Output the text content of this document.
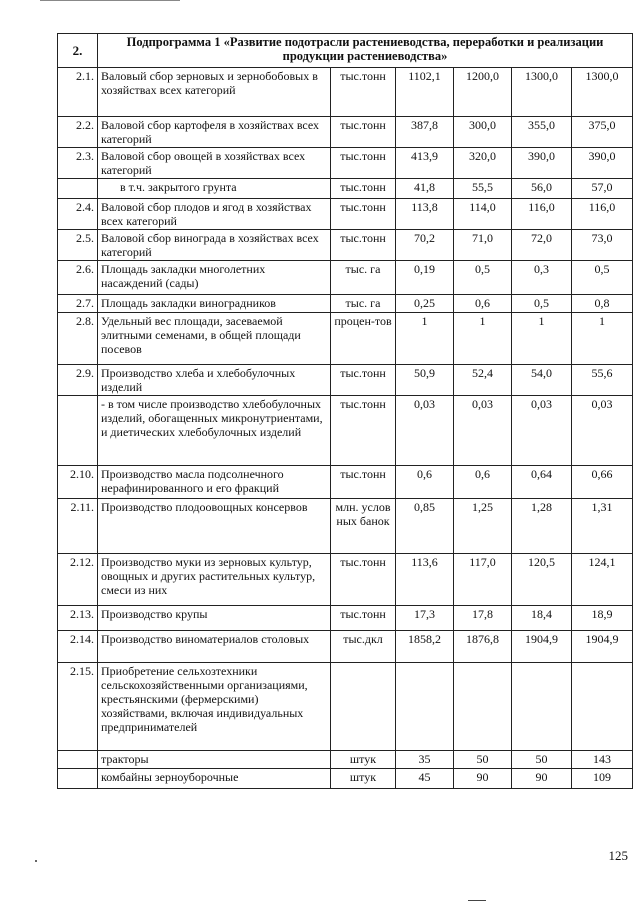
2.	Подпрограмма 1 «Развитие подотрасли растениеводства, переработки и реализации продукции растениеводства»					
2.1.	Валовый сбор зерновых и зернобобовых в хозяйствах всех категорий	тыс.тонн	1102,1	1200,0	1300,0	1300,0
2.2.	Валовой сбор картофеля в хозяйствах всех категорий	тыс.тонн	387,8	300,0	355,0	375,0
2.3.	Валовой сбор овощей в хозяйствах всех категорий	тыс.тонн	413,9	320,0	390,0	390,0
	в т.ч. закрытого грунта	тыс.тонн	41,8	55,5	56,0	57,0
2.4.	Валовой сбор плодов и ягод в хозяйствах всех категорий	тыс.тонн	113,8	114,0	116,0	116,0
2.5.	Валовой сбор винограда в хозяйствах всех категорий	тыс.тонн	70,2	71,0	72,0	73,0
2.6.	Площадь закладки многолетних насаждений (сады)	тыс. га	0,19	0,5	0,3	0,5
2.7.	Площадь закладки виноградников	тыс. га	0,25	0,6	0,5	0,8
2.8.	Удельный вес площади, засеваемой элитными семенами, в общей площади посевов	процен-тов	1	1	1	1
2.9.	Производство хлеба и хлебобулочных изделий	тыс.тонн	50,9	52,4	54,0	55,6
	- в том числе производство хлебобулочных изделий, обогащенных микронутриентами, и диетических хлебобулочных изделий	тыс.тонн	0,03	0,03	0,03	0,03
2.10.	Производство масла подсолнечного нерафинированного и его фракций	тыс.тонн	0,6	0,6	0,64	0,66
2.11.	Производство плодоовощных консервов	млн. услов ных банок	0,85	1,25	1,28	1,31
2.12.	Производство муки из зерновых культур, овощных и других растительных культур, смеси из них	тыс.тонн	113,6	117,0	120,5	124,1
2.13.	Производство крупы	тыс.тонн	17,3	17,8	18,4	18,9
2.14.	Производство виноматериалов столовых	тыс.дкл	1858,2	1876,8	1904,9	1904,9
2.15.	Приобретение сельхозтехники сельскохозяйственными организациями, крестьянскими (фермерскими) хозяйствами, включая индивидуальных предпринимателей					
	тракторы	штук	35	50	50	143
	комбайны зерноуборочные	штук	45	90	90	109
125
